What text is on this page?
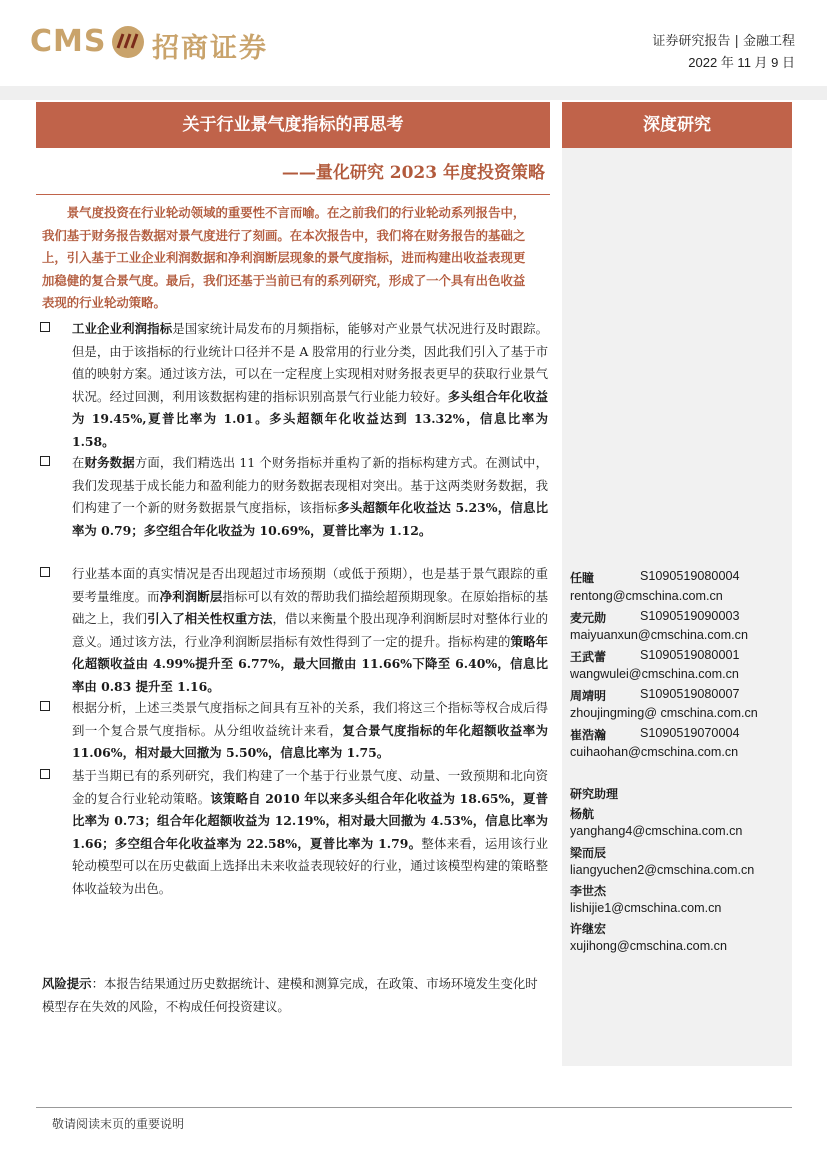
CMS 招商证券	证券研究报告 | 金融工程
2022 年 11 月 9 日
关于行业景气度指标的再思考	深度研究
——量化研究 2023 年度投资策略
景气度投资在行业轮动领域的重要性不言而喻。在之前我们的行业轮动系列报告中，我们基于财务报告数据对景气度进行了刻画。在本次报告中，我们将在财务报告的基础之上，引入基于工业企业利润数据和净利润断层现象的景气度指标，进而构建出收益表现更加稳健的复合景气度。最后，我们还基于当前已有的系列研究，形成了一个具有出色收益表现的行业轮动策略。
工业企业利润指标是国家统计局发布的月频指标，能够对产业景气状况进行及时跟踪。但是，由于该指标的行业统计口径并不是 A 股常用的行业分类，因此我们引入了基于市值的映射方案。通过该方法，可以在一定程度上实现相对财务报表更早的获取行业景气状况。经过回测，利用该数据构建的指标识别高景气行业能力较好。多头组合年化收益为 19.45%,夏普比率为 1.01。多头超额年化收益达到 13.32%，信息比率为 1.58。
在财务数据方面，我们精选出 11 个财务指标并重构了新的指标构建方式。在测试中，我们发现基于成长能力和盈利能力的财务数据表现相对突出。基于这两类财务数据，我们构建了一个新的财务数据景气度指标，该指标多头超额年化收益达 5.23%，信息比率为 0.79；多空组合年化收益为 10.69%，夏普比率为 1.12。
行业基本面的真实情况是否出现超过市场预期（或低于预期），也是基于景气跟踪的重要考量维度。而净利润断层指标可以有效的帮助我们描绘超预期现象。在原始指标的基础之上，我们引入了相关性权重方法，借以来衡量个股出现净利润断层时对整体行业的意义。通过该方法，行业净利润断层指标有效性得到了一定的提升。指标构建的策略年化超额收益由 4.99%提升至 6.77%，最大回撤由 11.66%下降至 6.40%，信息比率由 0.83 提升至 1.16。
根据分析，上述三类景气度指标之间具有互补的关系，我们将这三个指标等权合成后得到一个复合景气度指标。从分组收益统计来看，复合景气度指标的年化超额收益率为 11.06%，相对最大回撤为 5.50%，信息比率为 1.75。
基于当期已有的系列研究，我们构建了一个基于行业景气度、动量、一致预期和北向资金的复合行业轮动策略。该策略自 2010 年以来多头组合年化收益为 18.65%，夏普比率为 0.73；组合年化超额收益为 12.19%，相对最大回撤为 4.53%，信息比率为 1.66；多空组合年化收益率为 22.58%，夏普比率为 1.79。整体来看，运用该行业轮动模型可以在历史截面上选择出未来收益表现较好的行业，通过该模型构建的策略整体收益较为出色。
任瞳	S1090519080004
rentong@cmschina.com.cn
麦元勋	S1090519090003
maiyuanxun@cmschina.com.cn
王武蕾	S1090519080001
wangwulei@cmschina.com.cn
周靖明	S1090519080007
zhoujingming@ cmschina.com.cn
崔浩瀚	S1090519070004
cuihaohan@cmschina.com.cn
研究助理
杨航
yanghang4@cmschina.com.cn
梁而辰
liangyuchen2@cmschina.com.cn
李世杰
lishijie1@cmschina.com.cn
许继宏
xujihong@cmschina.com.cn
风险提示：本报告结果通过历史数据统计、建模和测算完成，在政策、市场环境发生变化时模型存在失效的风险，不构成任何投资建议。
敬请阅读末页的重要说明
